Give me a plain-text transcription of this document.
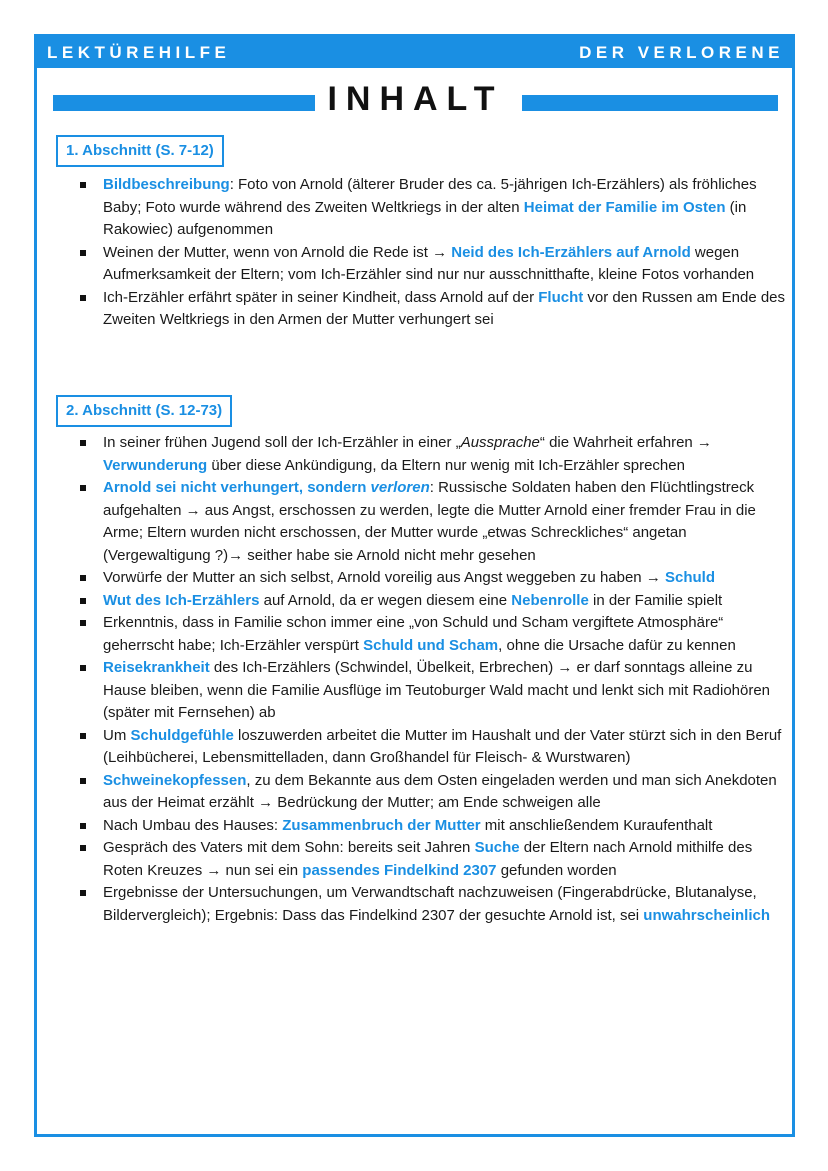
LEKTÜREHILFE	DER VERLORENE
INHALT
1. Abschnitt (S. 7-12)
Bildbeschreibung: Foto von Arnold (älterer Bruder des ca. 5-jährigen Ich-Erzählers) als fröhliches Baby; Foto wurde während des Zweiten Weltkriegs in der alten Heimat der Familie im Osten (in Rakowiec) aufgenommen
Weinen der Mutter, wenn von Arnold die Rede ist → Neid des Ich-Erzählers auf Arnold wegen Aufmerksamkeit der Eltern; vom Ich-Erzähler sind nur nur ausschnitthafte, kleine Fotos vorhanden
Ich-Erzähler erfährt später in seiner Kindheit, dass Arnold auf der Flucht vor den Russen am Ende des Zweiten Weltkriegs in den Armen der Mutter verhungert sei
2. Abschnitt (S. 12-73)
In seiner frühen Jugend soll der Ich-Erzähler in einer „Aussprache“ die Wahrheit erfahren → Verwunderung über diese Ankündigung, da Eltern nur wenig mit Ich-Erzähler sprechen
Arnold sei nicht verhungert, sondern verloren: Russische Soldaten haben den Flüchtlingstreck aufgehalten → aus Angst, erschossen zu werden, legte die Mutter Arnold einer fremder Frau in die Arme; Eltern wurden nicht erschossen, der Mutter wurde „etwas Schreckliches“ angetan (Vergewaltigung ?)→ seither habe sie Arnold nicht mehr gesehen
Vorwürfe der Mutter an sich selbst, Arnold voreilig aus Angst weggeben zu haben → Schuld
Wut des Ich-Erzählers auf Arnold, da er wegen diesem eine Nebenrolle in der Familie spielt
Erkenntnis, dass in Familie schon immer eine „von Schuld und Scham vergiftete Atmosphäre“ geherrscht habe; Ich-Erzähler verspürt Schuld und Scham, ohne die Ursache dafür zu kennen
Reisekrankheit des Ich-Erzählers (Schwindel, Übelkeit, Erbrechen) → er darf sonntags alleine zu Hause bleiben, wenn die Familie Ausflüge im Teutoburger Wald macht und lenkt sich mit Radiohören (später mit Fernsehen) ab
Um Schuldgefühle loszuwerden arbeitet die Mutter im Haushalt und der Vater stürzt sich in den Beruf (Leihbücherei, Lebensmittelladen, dann Großhandel für Fleisch- & Wurstwaren)
Schweinekopfessen, zu dem Bekannte aus dem Osten eingeladen werden und man sich Anekdoten aus der Heimat erzählt → Bedrückung der Mutter; am Ende schweigen alle
Nach Umbau des Hauses: Zusammenbruch der Mutter mit anschließendem Kuraufenthalt
Gespräch des Vaters mit dem Sohn: bereits seit Jahren Suche der Eltern nach Arnold mithilfe des Roten Kreuzes → nun sei ein passendes Findelkind 2307 gefunden worden
Ergebnisse der Untersuchungen, um Verwandtschaft nachzuweisen (Fingerabdrücke, Blutanalyse, Bildervergleich); Ergebnis: Dass das Findelkind 2307 der gesuchte Arnold ist, sei unwahrscheinlich
